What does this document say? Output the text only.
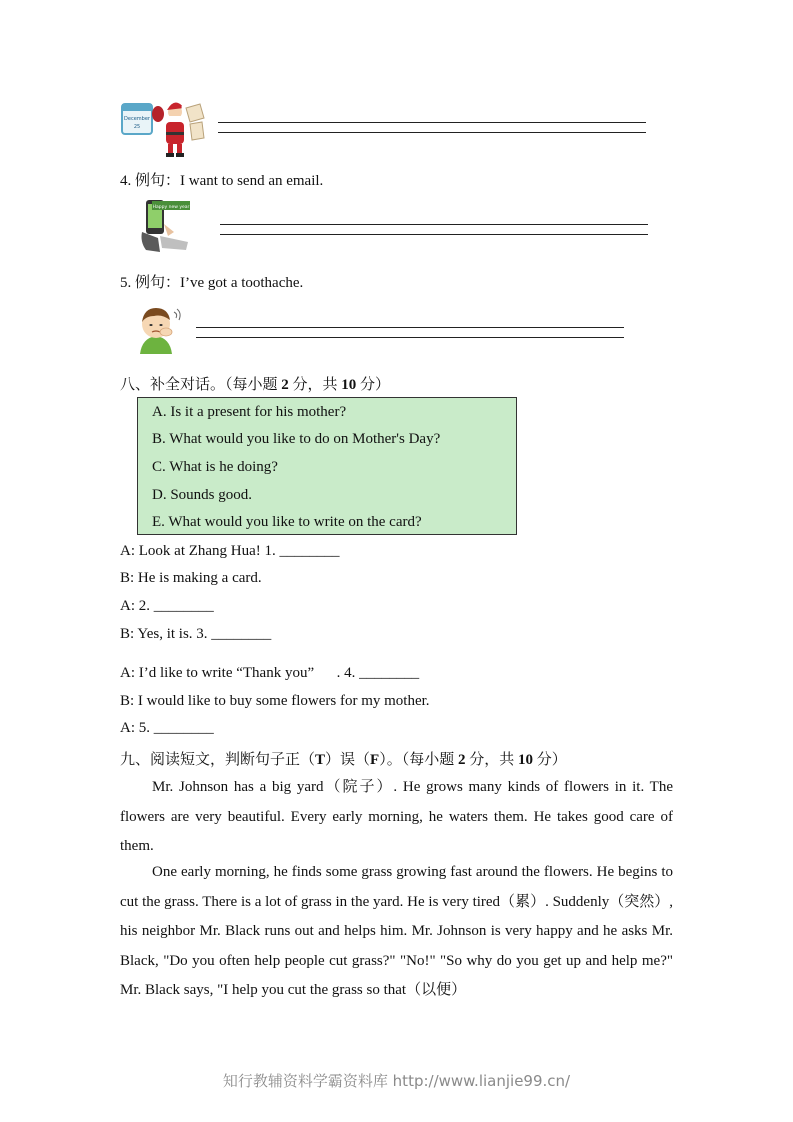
December
25
4. 例句：I want to send an email.
Happy new year
5. 例句：I’ve got a toothache.
八、补全对话。（每小题 2 分，共 10 分）
A. Is it a present for his mother?
B. What would you like to do on Mother's Day?
C. What is he doing?
D. Sounds good.
E. What would you like to write on the card?
A: Look at Zhang Hua! 1. ________
B: He is making a card.
A: 2. ________
B: Yes, it is. 3. ________
A: I’d like to write “Thank you”      . 4. ________
B: I would like to buy some flowers for my mother.
A: 5. ________
九、阅读短文，判断句子正（T）误（F）。（每小题 2 分，共 10 分）
Mr. Johnson has a big yard（院子）. He grows many kinds of flowers in it. The flowers are very beautiful. Every early morning, he waters them. He takes good care of them.
One early morning, he finds some grass growing fast around the flowers. He begins to cut the grass. There is a lot of grass in the yard. He is very tired（累）. Suddenly（突然）, his neighbor Mr. Black runs out and helps him. Mr. Johnson is very happy and he asks Mr. Black, "Do you often help people cut grass?" "No!" "So why do you get up and help me?" Mr. Black says, "I help you cut the grass so that（以便）
知行教辅资料学霸资料库 http://www.lianjie99.cn/
